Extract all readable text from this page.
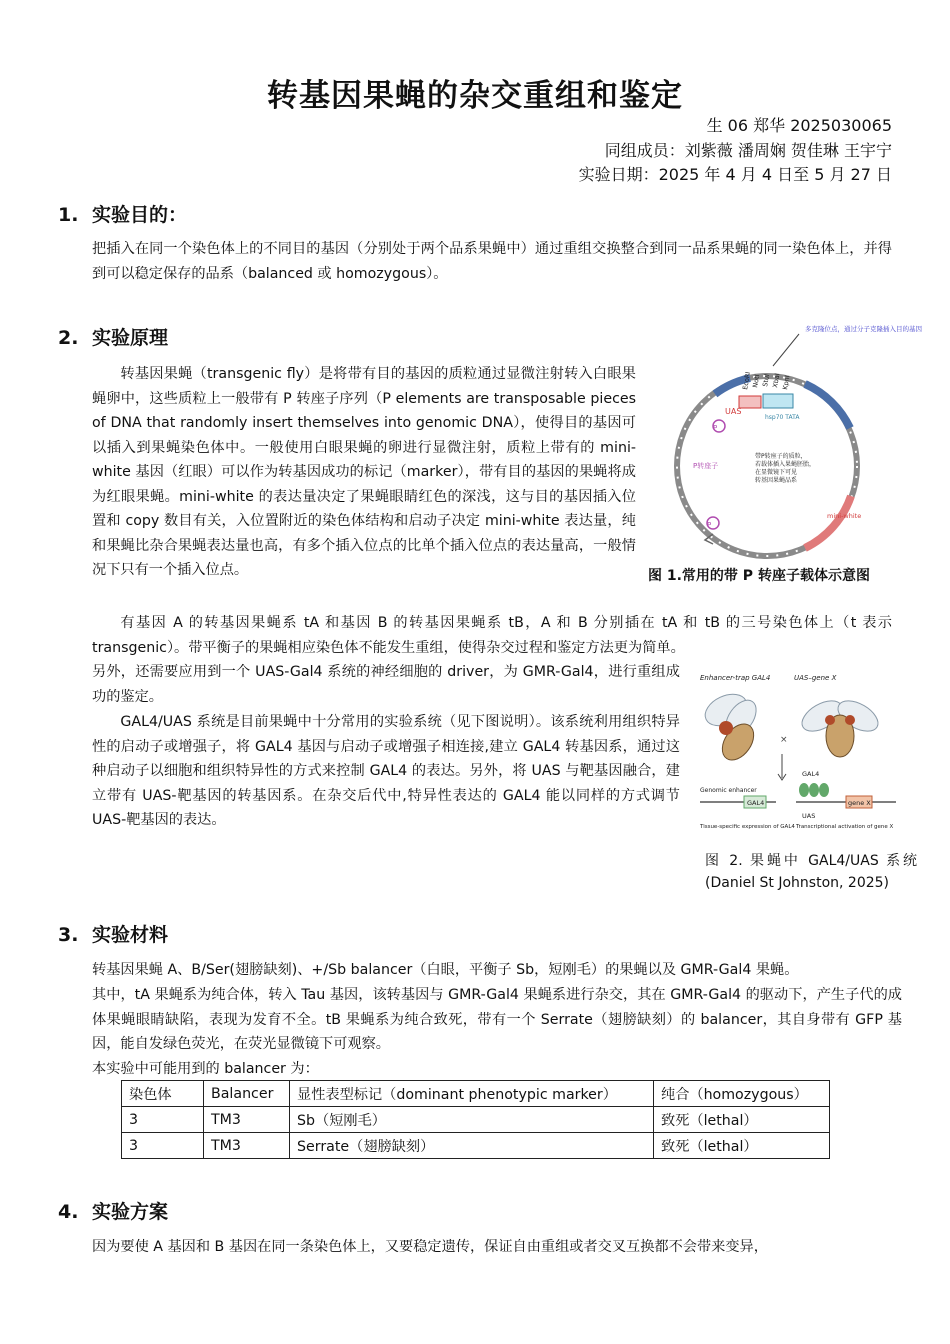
转基因果蝇的杂交重组和鉴定
生 06 郑华 2025030065
同组成员：刘紫薇 潘周娴 贺佳琳 王宇宁
实验日期：2025 年 4 月 4 日至 5 月 27 日
1. 实验目的：
把插入在同一个染色体上的不同目的基因（分别处于两个品系果蝇中）通过重组交换整合到同一品系果蝇的同一染色体上，并得到可以稳定保存的品系（balanced 或 homozygous）。
2. 实验原理
转基因果蝇（transgenic fly）是将带有目的基因的质粒通过显微注射转入白眼果蝇卵中，这些质粒上一般带有 P 转座子序列（P elements are transposable pieces of DNA that randomly insert themselves into genomic DNA），使得目的基因可以插入到果蝇染色体中。一般使用白眼果蝇的卵进行显微注射，质粒上带有的 mini-white 基因（红眼）可以作为转基因成功的标记（marker），带有目的基因的果蝇将成为红眼果蝇。mini-white 的表达量决定了果蝇眼睛红色的深浅，这与目的基因插入位置和 copy 数目有关，入位置附近的染色体结构和启动子决定 mini-white 表达量，纯和果蝇比杂合果蝇表达量也高，有多个插入位点的比单个插入位点的表达量高，一般情况下只有一个插入位点。
P
P
UAS
hsp70 TATA
多克隆位点，通过分子克隆插入目的基因
EcoRI
NotI StuI XbaI KpnI
P转座子
带P转座子的质粒， 若载体插入果蝇胚胎， 在显微镜下可见 转基因果蝇品系
mini-white
图 1.常用的带 P 转座子载体示意图
有基因 A 的转基因果蝇系 tA 和基因 B 的转基因果蝇系 tB，A 和 B 分别插在 tA 和 tB 的三号染色体上（t 表示 transgenic）。带平衡子的果蝇相应染色体不能发生重组，使得杂交过程和鉴定方法更为简单。
另外，还需要应用到一个 UAS-Gal4 系统的神经细胞的 driver，为 GMR-Gal4，进行重组成功的鉴定。
GAL4/UAS 系统是目前果蝇中十分常用的实验系统（见下图说明）。该系统利用组织特异性的启动子或增强子，将 GAL4 基因与启动子或增强子相连接,建立 GAL4 转基因系，通过这种启动子以细胞和组织特异性的方式来控制 GAL4 的表达。另外，将 UAS 与靶基因融合，建立带有 UAS-靶基因的转基因系。在杂交后代中,特异性表达的 GAL4 能以同样的方式调节 UAS-靶基因的表达。
Enhancer-trap GAL4	UAS–gene X
×
Genomic enhancer
GAL4
GAL4
UAS
gene X
Tissue-specific expression of GAL4 Transcriptional activation of gene X
图 2. 果蝇中 GAL4/UAS 系统 (Daniel St Johnston, 2025)
3. 实验材料
转基因果蝇 A、B/Ser(翅膀缺刻)、+/Sb balancer（白眼，平衡子 Sb，短刚毛）的果蝇以及 GMR-Gal4 果蝇。
其中，tA 果蝇系为纯合体，转入 Tau 基因，该转基因与 GMR-Gal4 果蝇系进行杂交，其在 GMR-Gal4 的驱动下，产生子代的成体果蝇眼睛缺陷，表现为发育不全。tB 果蝇系为纯合致死，带有一个 Serrate（翅膀缺刻）的 balancer，其自身带有 GFP 基因，能自发绿色荧光，在荧光显微镜下可观察。
本实验中可能用到的 balancer 为：
染色体	Balancer	显性表型标记（dominant phenotypic marker）	纯合（homozygous）
3	TM3	Sb（短刚毛）	致死（lethal）
3	TM3	Serrate（翅膀缺刻）	致死（lethal）
4. 实验方案
因为要使 A 基因和 B 基因在同一条染色体上，又要稳定遗传，保证自由重组或者交叉互换都不会带来变异，
